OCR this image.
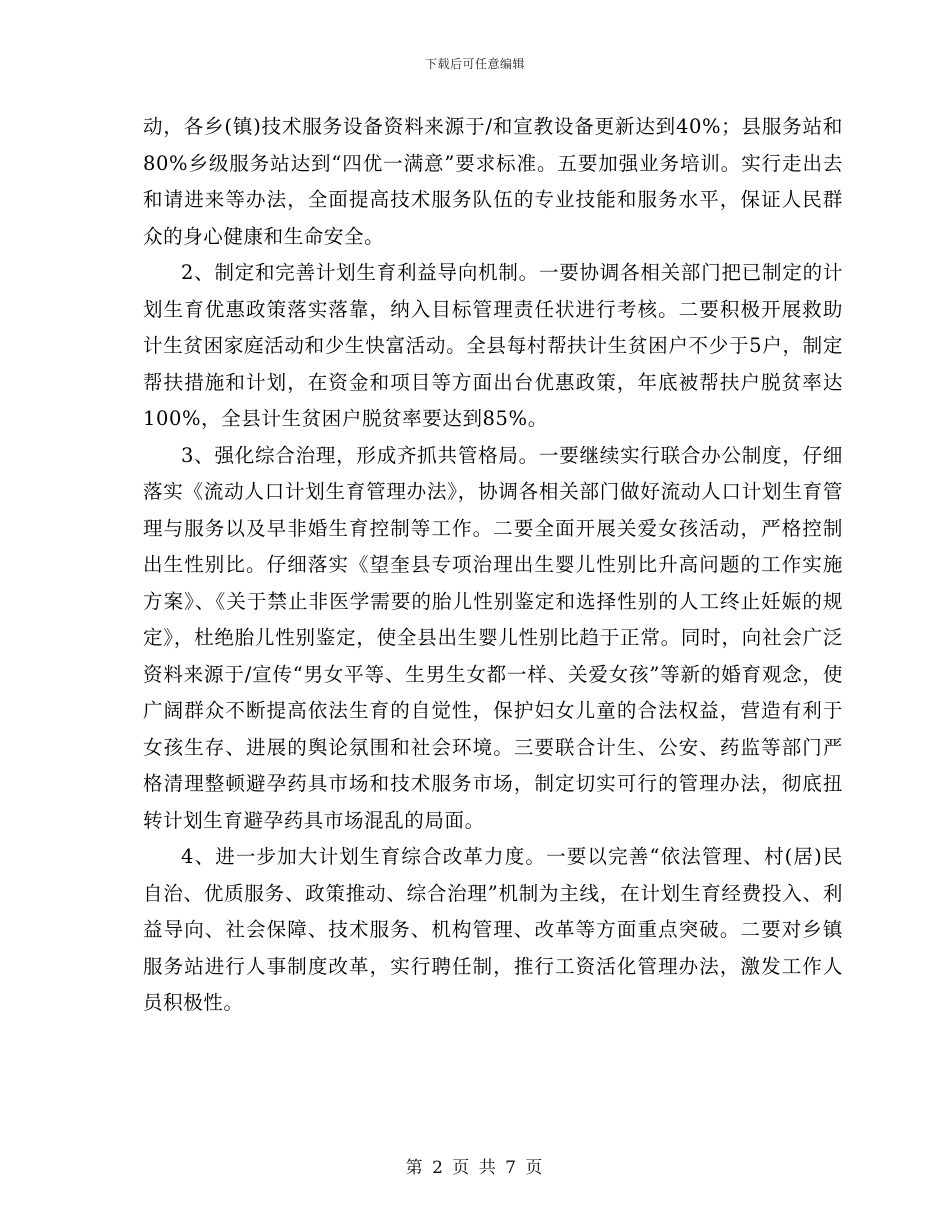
下载后可任意编辑

动，各乡(镇)技术服务设备资料来源于/和宣教设备更新达到40%；县服务站和80%乡级服务站达到“四优一满意”要求标准。五要加强业务培训。实行走出去和请进来等办法，全面提高技术服务队伍的专业技能和服务水平，保证人民群众的身心健康和生命安全。

2、制定和完善计划生育利益导向机制。一要协调各相关部门把已制定的计划生育优惠政策落实落靠，纳入目标管理责任状进行考核。二要积极开展救助计生贫困家庭活动和少生快富活动。全县每村帮扶计生贫困户不少于5户，制定帮扶措施和计划，在资金和项目等方面出台优惠政策，年底被帮扶户脱贫率达100%，全县计生贫困户脱贫率要达到85%。

3、强化综合治理，形成齐抓共管格局。一要继续实行联合办公制度，仔细落实《流动人口计划生育管理办法》，协调各相关部门做好流动人口计划生育管理与服务以及早非婚生育控制等工作。二要全面开展关爱女孩活动，严格控制出生性别比。仔细落实《望奎县专项治理出生婴儿性别比升高问题的工作实施方案》、《关于禁止非医学需要的胎儿性别鉴定和选择性别的人工终止妊娠的规定》，杜绝胎儿性别鉴定，使全县出生婴儿性别比趋于正常。同时，向社会广泛资料来源于/宣传“男女平等、生男生女都一样、关爱女孩”等新的婚育观念，使广阔群众不断提高依法生育的自觉性，保护妇女儿童的合法权益，营造有利于女孩生存、进展的舆论氛围和社会环境。三要联合计生、公安、药监等部门严格清理整顿避孕药具市场和技术服务市场，制定切实可行的管理办法，彻底扭转计划生育避孕药具市场混乱的局面。

4、进一步加大计划生育综合改革力度。一要以完善“依法管理、村(居)民自治、优质服务、政策推动、综合治理”机制为主线，在计划生育经费投入、利益导向、社会保障、技术服务、机构管理、改革等方面重点突破。二要对乡镇服务站进行人事制度改革，实行聘任制，推行工资活化管理办法，激发工作人员积极性。

第 2 页 共 7 页
